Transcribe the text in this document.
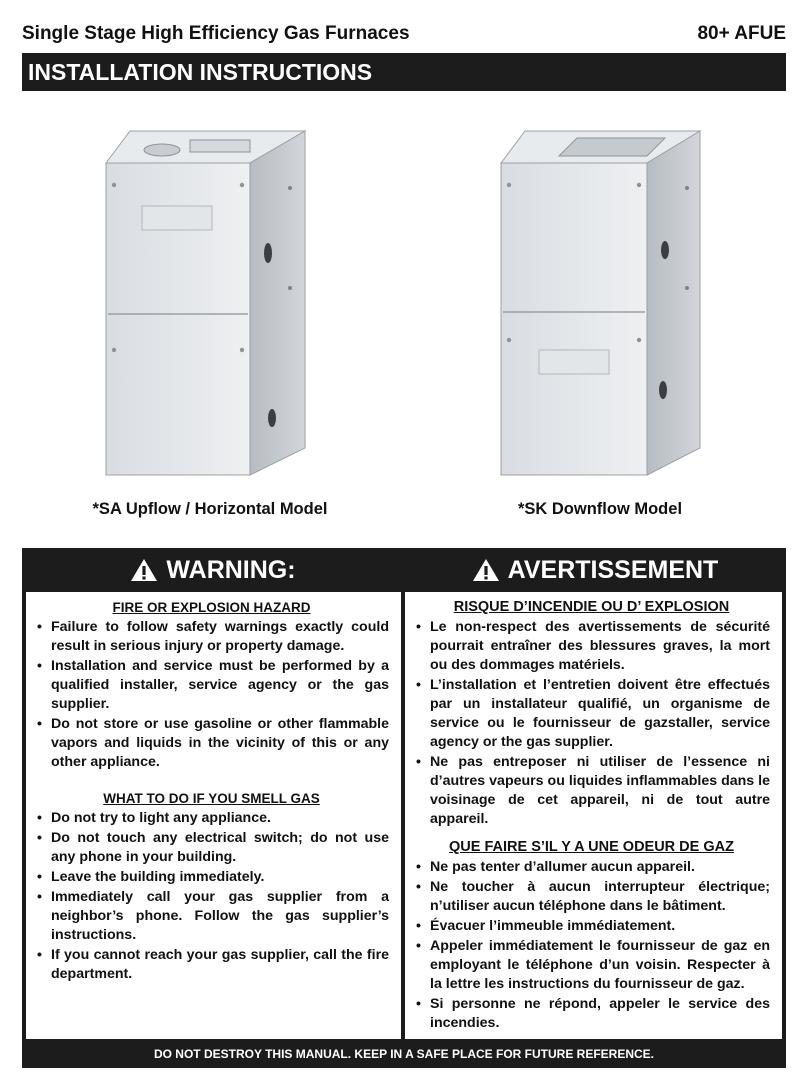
Single Stage High Efficiency Gas Furnaces	80+ AFUE
INSTALLATION INSTRUCTIONS
*SA Upflow / Horizontal Model	*SK Downflow Model
WARNING:	AVERTISSEMENT
FIRE OR EXPLOSION HAZARD
• Failure to follow safety warnings exactly could result in serious injury or property damage.
• Installation and service must be performed by a qualified installer, service agency or the gas supplier.
• Do not store or use gasoline or other flammable vapors and liquids in the vicinity of this or any other appliance.
WHAT TO DO IF YOU SMELL GAS
• Do not try to light any appliance.
• Do not touch any electrical switch; do not use any phone in your building.
• Leave the building immediately.
• Immediately call your gas supplier from a neighbor’s phone. Follow the gas supplier’s instructions.
• If you cannot reach your gas supplier, call the fire department.
RISQUE D’INCENDIE OU D’ EXPLOSION
• Le non-respect des avertissements de sécurité pourrait entraîner des blessures graves, la mort ou des dommages matériels.
• L’installation et l’entretien doivent être effectués par un installateur qualifié, un organisme de service ou le fournisseur de gazstaller, service agency or the gas supplier.
• Ne pas entreposer ni utiliser de l’essence ni d’autres vapeurs ou liquides inflammables dans le voisinage de cet appareil, ni de tout autre appareil.
QUE FAIRE S’IL Y A UNE ODEUR DE GAZ
• Ne pas tenter d’allumer aucun appareil.
• Ne toucher à aucun interrupteur électrique; n’utiliser aucun téléphone dans le bâtiment.
• Évacuer l’immeuble immédiatement.
• Appeler immédiatement le fournisseur de gaz en employant le téléphone d’un voisin. Respecter à la lettre les instructions du fournisseur de gaz.
• Si personne ne répond, appeler le service des incendies.
DO NOT DESTROY THIS MANUAL. KEEP IN A SAFE PLACE FOR FUTURE REFERENCE.
